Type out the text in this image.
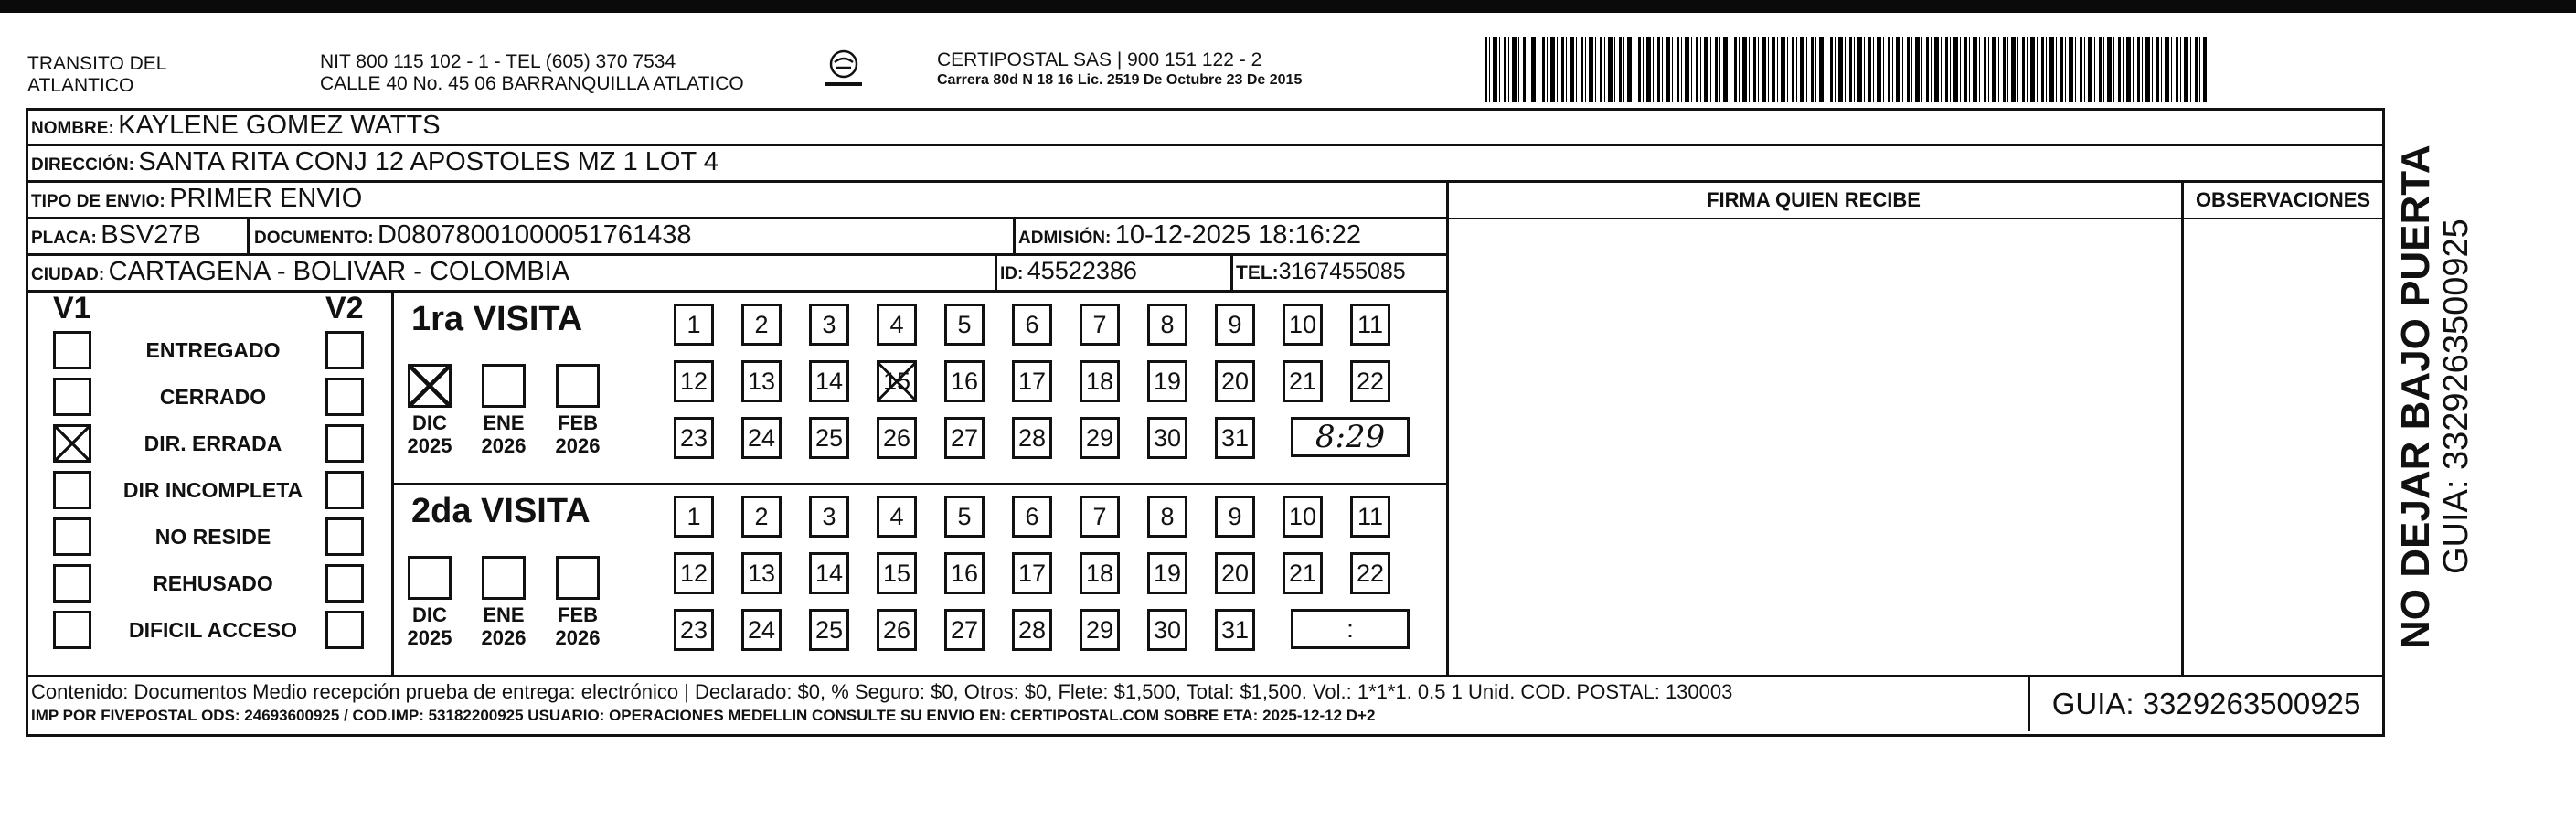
TRANSITO DEL
ATLANTICO
NIT 800 115 102 - 1 - TEL (605) 370 7534
CALLE 40 No. 45 06 BARRANQUILLA ATLATICO
CERTIPOSTAL SAS | 900 151 122 - 2
Carrera 80d N 18 16 Lic. 2519 De Octubre 23 De 2015
NOMBRE: KAYLENE GOMEZ WATTS
DIRECCIÓN: SANTA RITA CONJ 12 APOSTOLES MZ 1 LOT 4
TIPO DE ENVIO: PRIMER ENVIO
PLACA: BSV27B	DOCUMENTO: D08078001000051761438	ADMISIÓN: 10-12-2025 18:16:22
CIUDAD: CARTAGENA - BOLIVAR - COLOMBIA	ID: 45522386	TEL:3167455085
FIRMA QUIEN RECIBE	OBSERVACIONES
V1	V2
ENTREGADO
CERRADO
DIR. ERRADA
DIR INCOMPLETA
NO RESIDE
REHUSADO
DIFICIL ACCESO
1ra VISITA
DIC
2025
ENE
2026
FEB
2026
1	2	3	4	5	6	7	8	9	10 11
12 13 14 15 16 17 18 19 20 21 22
23 24 25 26 27 28 29 30 31	8:29
2da VISITA
DIC
2025
ENE
2026
FEB
2026
1	2	3	4	5	6	7	8	9	10 11
12 13 14 15 16 17 18 19 20 21 22
23 24 25 26 27 28 29 30 31	:
Contenido: Documentos Medio recepción prueba de entrega: electrónico | Declarado: $0, % Seguro: $0, Otros: $0, Flete: $1,500, Total: $1,500. Vol.: 1*1*1. 0.5 1 Unid. COD. POSTAL: 130003
IMP POR FIVEPOSTAL ODS: 24693600925 / COD.IMP: 53182200925 USUARIO: OPERACIONES MEDELLIN CONSULTE SU ENVIO EN: CERTIPOSTAL.COM SOBRE ETA: 2025-12-12 D+2	GUIA: 3329263500925
NO DEJAR BAJO PUERTA GUIA: 3329263500925
